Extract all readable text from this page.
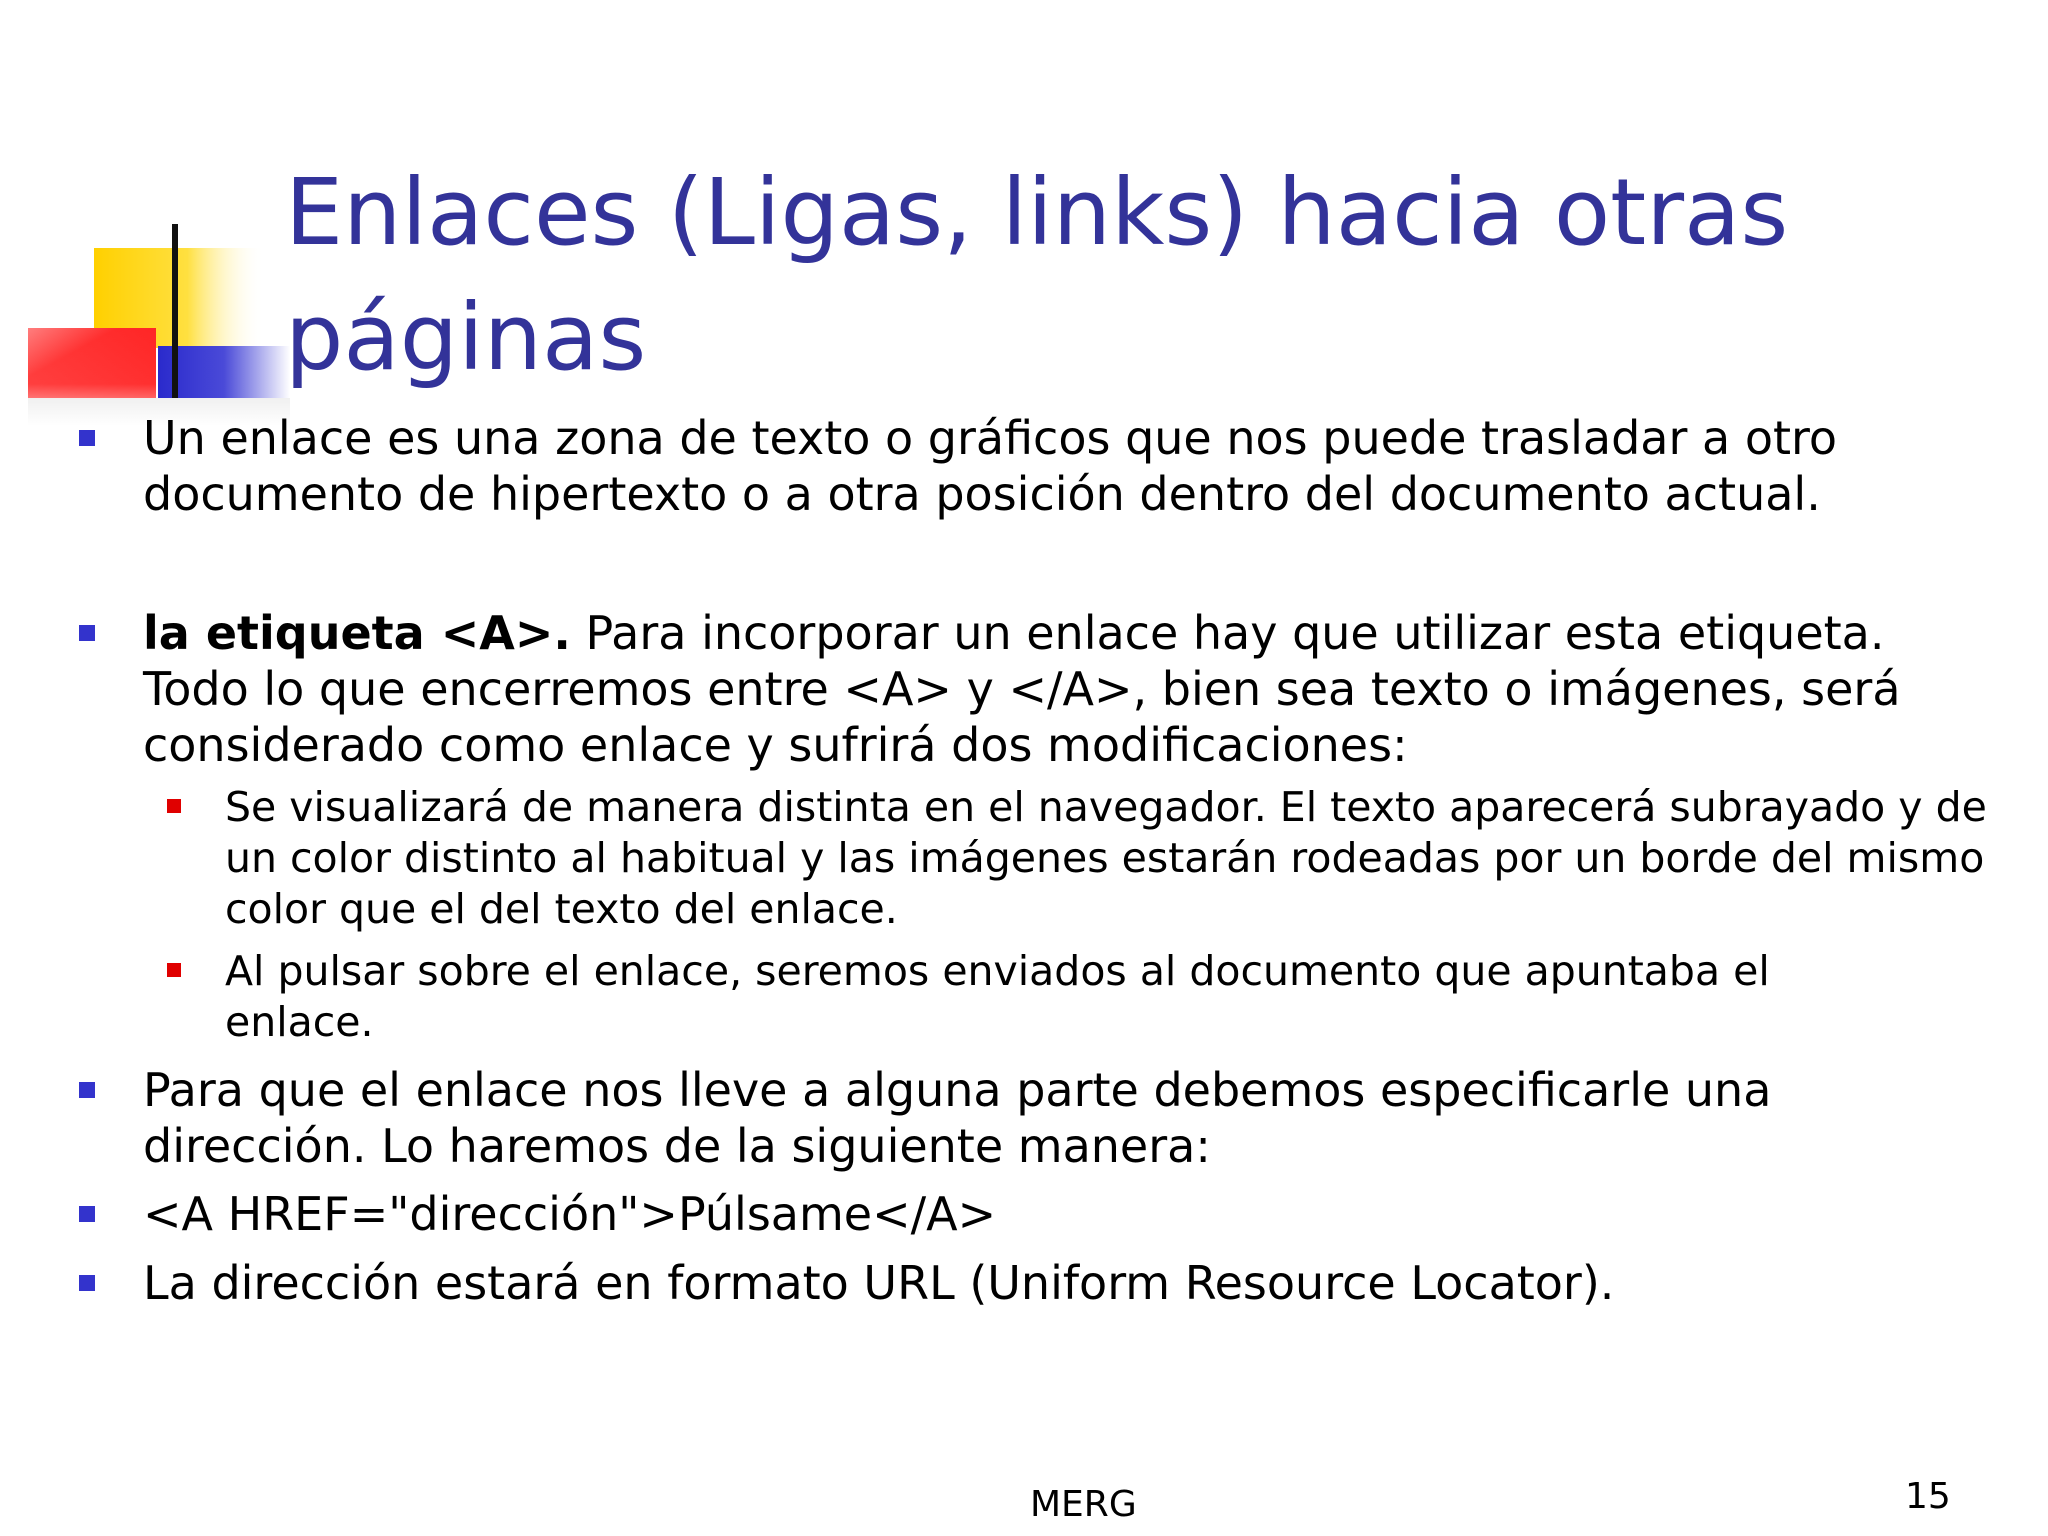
Enlaces (Ligas, links) hacia otras páginas
Un enlace es una zona de texto o gráficos que nos puede trasladar a otro documento de hipertexto o a otra posición dentro del documento actual.
la etiqueta <A>. Para incorporar un enlace hay que utilizar esta etiqueta. Todo lo que encerremos entre <A> y </A>, bien sea texto o imágenes, será considerado como enlace y sufrirá dos modificaciones:
Se visualizará de manera distinta en el navegador. El texto aparecerá subrayado y de un color distinto al habitual y las imágenes estarán rodeadas por un borde del mismo color que el del texto del enlace.
Al pulsar sobre el enlace, seremos enviados al documento que apuntaba el enlace.
Para que el enlace nos lleve a alguna parte debemos especificarle una dirección. Lo haremos de la siguiente manera:
<A HREF="dirección">Púlsame</A>
La dirección estará en formato URL (Uniform Resource Locator).
MERG	15
